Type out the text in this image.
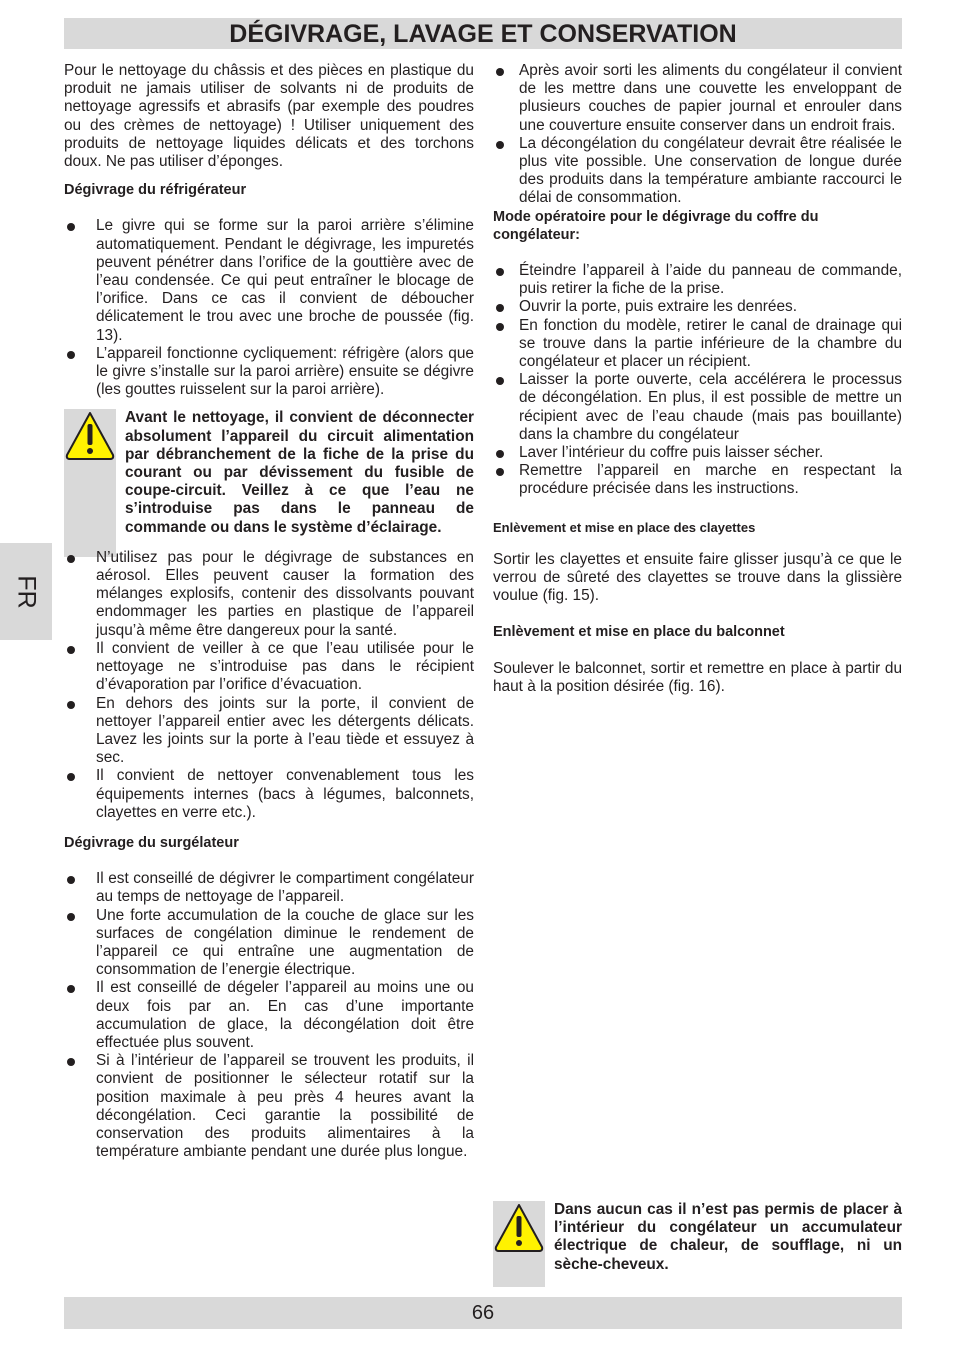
DÉGIVRAGE, LAVAGE ET CONSERVATION
FR

Pour le nettoyage du châssis et des pièces en plastique du produit ne jamais utiliser de solvants ni de produits de nettoyage agressifs et abrasifs (par exemple des poudres ou des crèmes de nettoyage) ! Utiliser uniquement des produits de nettoyage liquides délicats et des torchons doux. Ne pas utiliser d’éponges.

Dégivrage du réfrigérateur

Le givre qui se forme sur la paroi arrière s’élimine automatiquement. Pendant le dégivrage, les impuretés peuvent pénétrer dans l’orifice de la gouttière avec de l’eau condensée. Ce qui peut entraîner le blocage de l’orifice. Dans ce cas il convient de déboucher délicatement le trou avec une broche de poussée (fig. 13).
L’appareil fonctionne cycliquement: réfrigère (alors que le givre s’installe sur la paroi arrière) ensuite se dégivre (les gouttes ruisselent sur la paroi arrière).

Avant le nettoyage, il convient de déconnecter absolument l’appareil du circuit alimentation par débranchement de la fiche de la prise du courant ou par dévissement du fusible de coupe-circuit. Veillez à ce que l’eau ne s’introduise pas dans le panneau de commande ou dans le système d’éclairage.

N’utilisez pas pour le dégivrage de substances en aérosol. Elles peuvent causer la formation des mélanges explosifs, contenir des dissolvants pouvant endommager les parties en plastique de l’appareil jusqu’à même être dangereux pour la santé.
Il convient de veiller à ce que l’eau utilisée pour le nettoyage ne s’introduise pas dans le récipient d’évaporation par l’orifice d’évacuation.
En dehors des joints sur la porte, il convient de nettoyer l’appareil entier avec les détergents délicats. Lavez les joints sur la porte à l’eau tiède et essuyez à sec.
Il convient de nettoyer convenablement tous les équipements internes (bacs à légumes, balconnets, clayettes en verre etc.).

Dégivrage du surgélateur

Il est conseillé de dégivrer le compartiment congélateur au temps de nettoyage de l’appareil.
Une forte accumulation de la couche de glace sur les surfaces de congélation diminue le rendement de l’appareil ce qui entraîne une augmentation de consommation de l’energie électrique.
Il est conseillé de dégeler l’appareil au moins une ou deux fois par an. En cas d’une importante accumulation de glace, la décongélation doit être effectuée plus souvent.
Si à l’intérieur de l’appareil se trouvent les produits, il convient de positionner le sélecteur rotatif sur la position maximale à peu près 4 heures avant la décongélation. Ceci garantie la possibilité de conservation des produits alimentaires à la température ambiante pendant une durée plus longue.
Après avoir sorti les aliments du congélateur il convient de les mettre dans une couvette les enveloppant de plusieurs couches de papier journal et enrouler dans une couverture ensuite conserver dans un endroit frais.
La décongélation du congélateur devrait être réalisée le plus vite possible. Une conservation de longue durée des produits dans la température ambiante raccourci le délai de consommation.

Mode opératoire pour le dégivrage du coffre du congélateur:

Éteindre l’appareil à l’aide du panneau de commande, puis retirer la fiche de la prise.
Ouvrir la porte, puis extraire les denrées.
En fonction du modèle, retirer le canal de drainage qui se trouve dans la partie inférieure de la chambre du congélateur et placer un récipient.
Laisser la porte ouverte, cela accélérera le processus de décongélation. En plus, il est possible de mettre un récipient avec de l’eau chaude (mais pas bouillante) dans la chambre du congélateur
Laver l’intérieur du coffre puis laisser sécher.
Remettre l’appareil en marche en respectant la procédure précisée dans les instructions.

Enlèvement et mise en place des clayettes

Sortir les clayettes et ensuite faire glisser jusqu’à ce que le verrou de sûreté des clayettes se trouve dans la glissière voulue (fig. 15).

Enlèvement et mise en place du balconnet

Soulever le balconnet, sortir et remettre en place à partir du haut à la position désirée (fig. 16).

Dans aucun cas il n’est pas permis de placer à l’intérieur du congélateur un accumulateur électrique de chaleur, de soufflage, ni un sèche-cheveux.

66
